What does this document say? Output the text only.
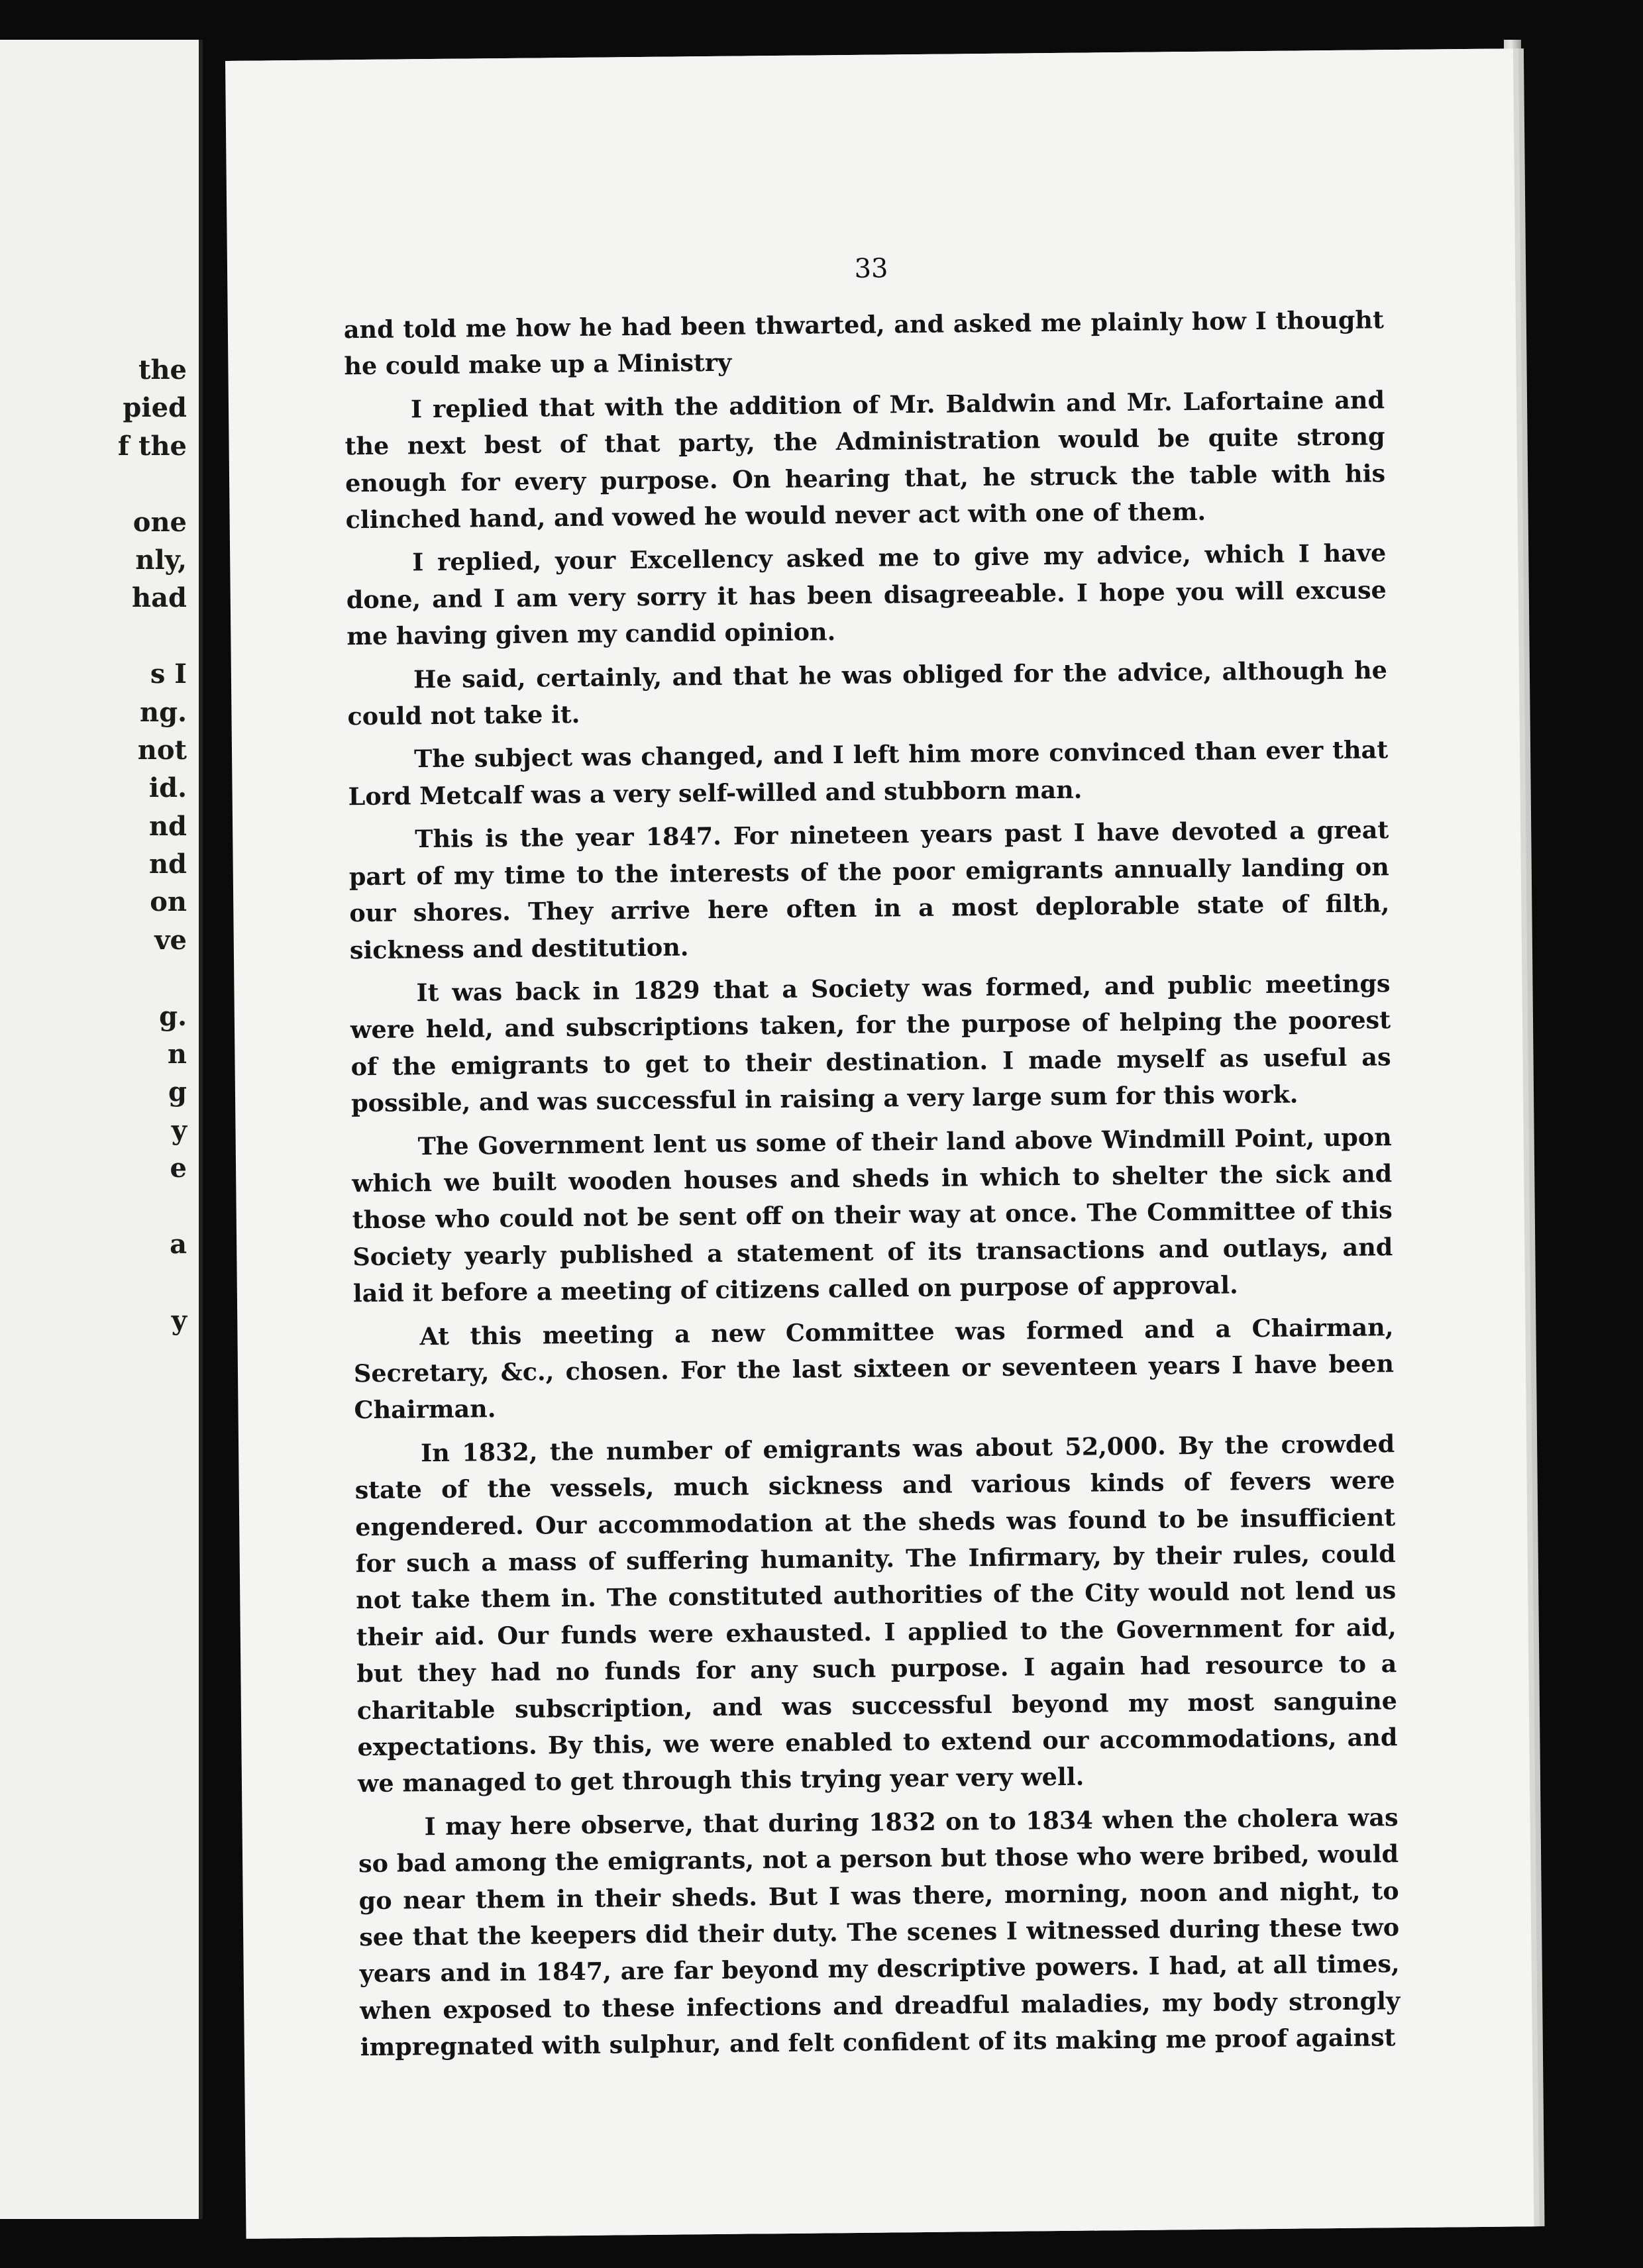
the
pied
f the
one
nly,
had
s I
ng.
not
id.
nd
nd
on
ve
g.
n
g
y
e
a
y
33

and told me how he had been thwarted, and asked me plainly how I thought he could make up a Ministry

I replied that with the addition of Mr. Baldwin and Mr. Lafortaine and the next best of that party, the Administration would be quite strong enough for every purpose. On hearing that, he struck the table with his clinched hand, and vowed he would never act with one of them.

I replied, your Excellency asked me to give my advice, which I have done, and I am very sorry it has been disagreeable. I hope you will excuse me having given my candid opinion.

He said, certainly, and that he was obliged for the advice, although he could not take it.

The subject was changed, and I left him more convinced than ever that Lord Metcalf was a very self-willed and stubborn man.

This is the year 1847. For nineteen years past I have devoted a great part of my time to the interests of the poor emigrants annually landing on our shores. They arrive here often in a most deplorable state of filth, sickness and destitution.

It was back in 1829 that a Society was formed, and public meetings were held, and subscriptions taken, for the purpose of helping the poorest of the emigrants to get to their destination. I made myself as useful as possible, and was successful in raising a very large sum for this work.

The Government lent us some of their land above Windmill Point, upon which we built wooden houses and sheds in which to shelter the sick and those who could not be sent off on their way at once. The Committee of this Society yearly published a statement of its transactions and outlays, and laid it before a meeting of citizens called on purpose of approval.

At this meeting a new Committee was formed and a Chairman, Secretary, &c., chosen. For the last sixteen or seventeen years I have been Chairman.

In 1832, the number of emigrants was about 52,000. By the crowded state of the vessels, much sickness and various kinds of fevers were engendered. Our accommodation at the sheds was found to be insufficient for such a mass of suffering humanity. The Infirmary, by their rules, could not take them in. The constituted authorities of the City would not lend us their aid. Our funds were exhausted. I applied to the Government for aid, but they had no funds for any such purpose. I again had resource to a charitable subscription, and was successful beyond my most sanguine expectations. By this, we were enabled to extend our accommodations, and we managed to get through this trying year very well.

I may here observe, that during 1832 on to 1834 when the cholera was so bad among the emigrants, not a person but those who were bribed, would go near them in their sheds. But I was there, morning, noon and night, to see that the keepers did their duty. The scenes I witnessed during these two years and in 1847, are far beyond my descriptive powers. I had, at all times, when exposed to these infections and dreadful maladies, my body strongly impregnated with sulphur, and felt confident of its making me proof against
